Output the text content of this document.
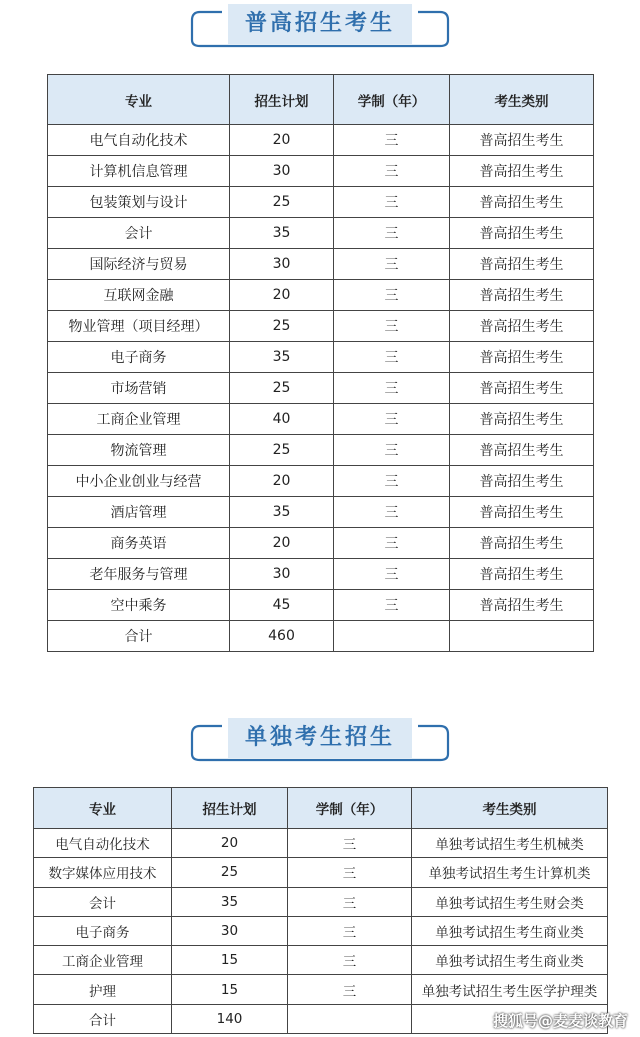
普高招生考生
专业	招生计划	学制（年）	考生类别
电气自动化技术	20	三	普高招生考生
计算机信息管理	30	三	普高招生考生
包装策划与设计	25	三	普高招生考生
会计	35	三	普高招生考生
国际经济与贸易	30	三	普高招生考生
互联网金融	20	三	普高招生考生
物业管理（项目经理）	25	三	普高招生考生
电子商务	35	三	普高招生考生
市场营销	25	三	普高招生考生
工商企业管理	40	三	普高招生考生
物流管理	25	三	普高招生考生
中小企业创业与经营	20	三	普高招生考生
酒店管理	35	三	普高招生考生
商务英语	20	三	普高招生考生
老年服务与管理	30	三	普高招生考生
空中乘务	45	三	普高招生考生
合计	460		
单独考生招生
专业	招生计划	学制（年）	考生类别
电气自动化技术	20	三	单独考试招生考生机械类
数字媒体应用技术	25	三	单独考试招生考生计算机类
会计	35	三	单独考试招生考生财会类
电子商务	30	三	单独考试招生考生商业类
工商企业管理	15	三	单独考试招生考生商业类
护理	15	三	单独考试招生考生医学护理类
合计	140			搜狐号@麦麦谈教育
